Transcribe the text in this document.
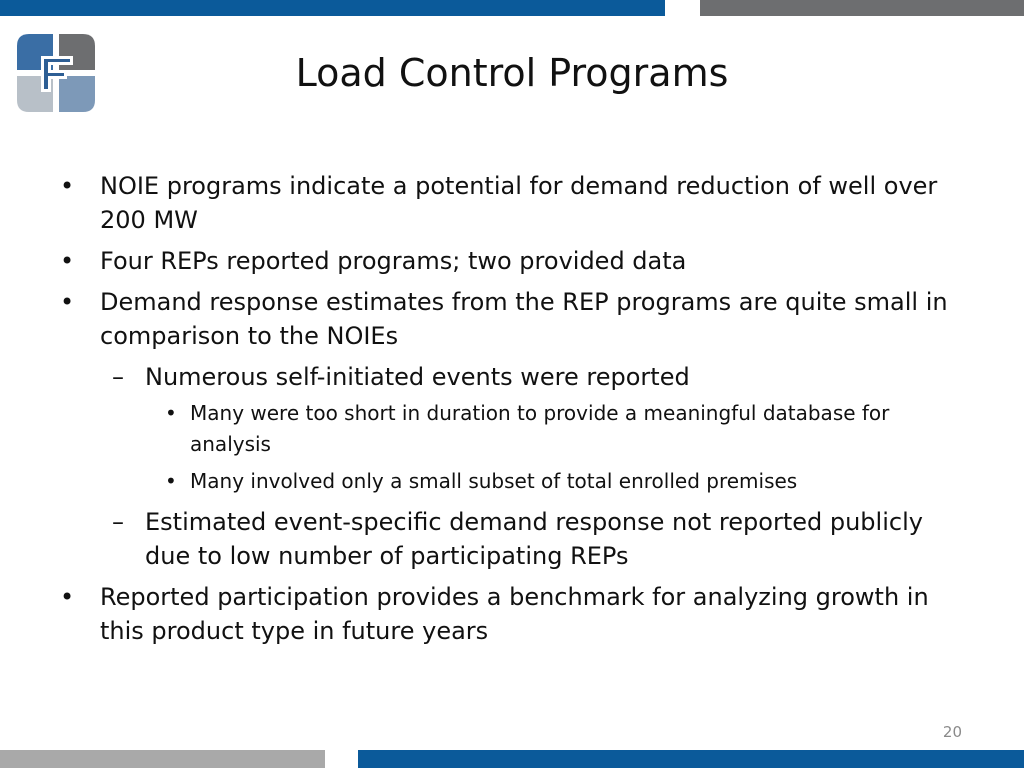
Load Control Programs
• NOIE programs indicate a potential for demand reduction of well over 200 MW
• Four REPs reported programs; two provided data
• Demand response estimates from the REP programs are quite small in comparison to the NOIEs
– Numerous self-initiated events were reported
• Many were too short in duration to provide a meaningful database for analysis
• Many involved only a small subset of total enrolled premises
– Estimated event-specific demand response not reported publicly due to low number of participating REPs
• Reported participation provides a benchmark for analyzing growth in this product type in future years
20
